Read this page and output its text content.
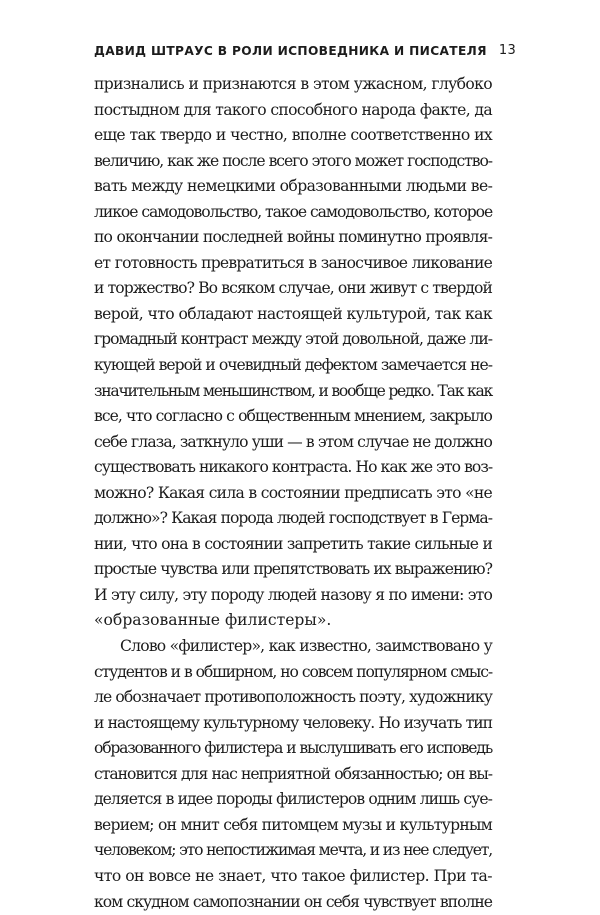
ДАВИД ШТРАУС В РОЛИ ИСПОВЕДНИКА И ПИСАТЕЛЯ 13
признались и признаются в этом ужасном, глубоко
постыдном для такого способного народа факте, да
еще так твердо и честно, вполне соответственно их
величию, как же после всего этого может господство-
вать между немецкими образованными людьми ве-
ликое самодовольство, такое самодовольство, которое
по окончании последней войны поминутно проявля-
ет готовность превратиться в заносчивое ликование
и торжество? Во всяком случае, они живут с твердой
верой, что обладают настоящей культурой, так как
громадный контраст между этой довольной, даже ли-
кующей верой и очевидный дефектом замечается не-
значительным меньшинством, и вообще редко. Так как
все, что согласно с общественным мнением, закрыло
себе глаза, заткнуло уши — в этом случае не должно
существовать никакого контраста. Но как же это воз-
можно? Какая сила в состоянии предписать это «не
должно»? Какая порода людей господствует в Герма-
нии, что она в состоянии запретить такие сильные и
простые чувства или препятствовать их выражению?
И эту силу, эту породу людей назову я по имени: это
«образованные филистеры».
Слово «филистер», как известно, заимствовано у
студентов и в обширном, но совсем популярном смыс-
ле обозначает противоположность поэту, художнику
и настоящему культурному человеку. Но изучать тип
образованного филистера и выслушивать его исповедь
становится для нас неприятной обязанностью; он вы-
деляется в идее породы филистеров одним лишь суе-
верием; он мнит себя питомцем музы и культурным
человеком; это непостижимая мечта, и из нее следует,
что он вовсе не знает, что такое филистер. При та-
ком скудном самопознании он себя чувствует вполне
